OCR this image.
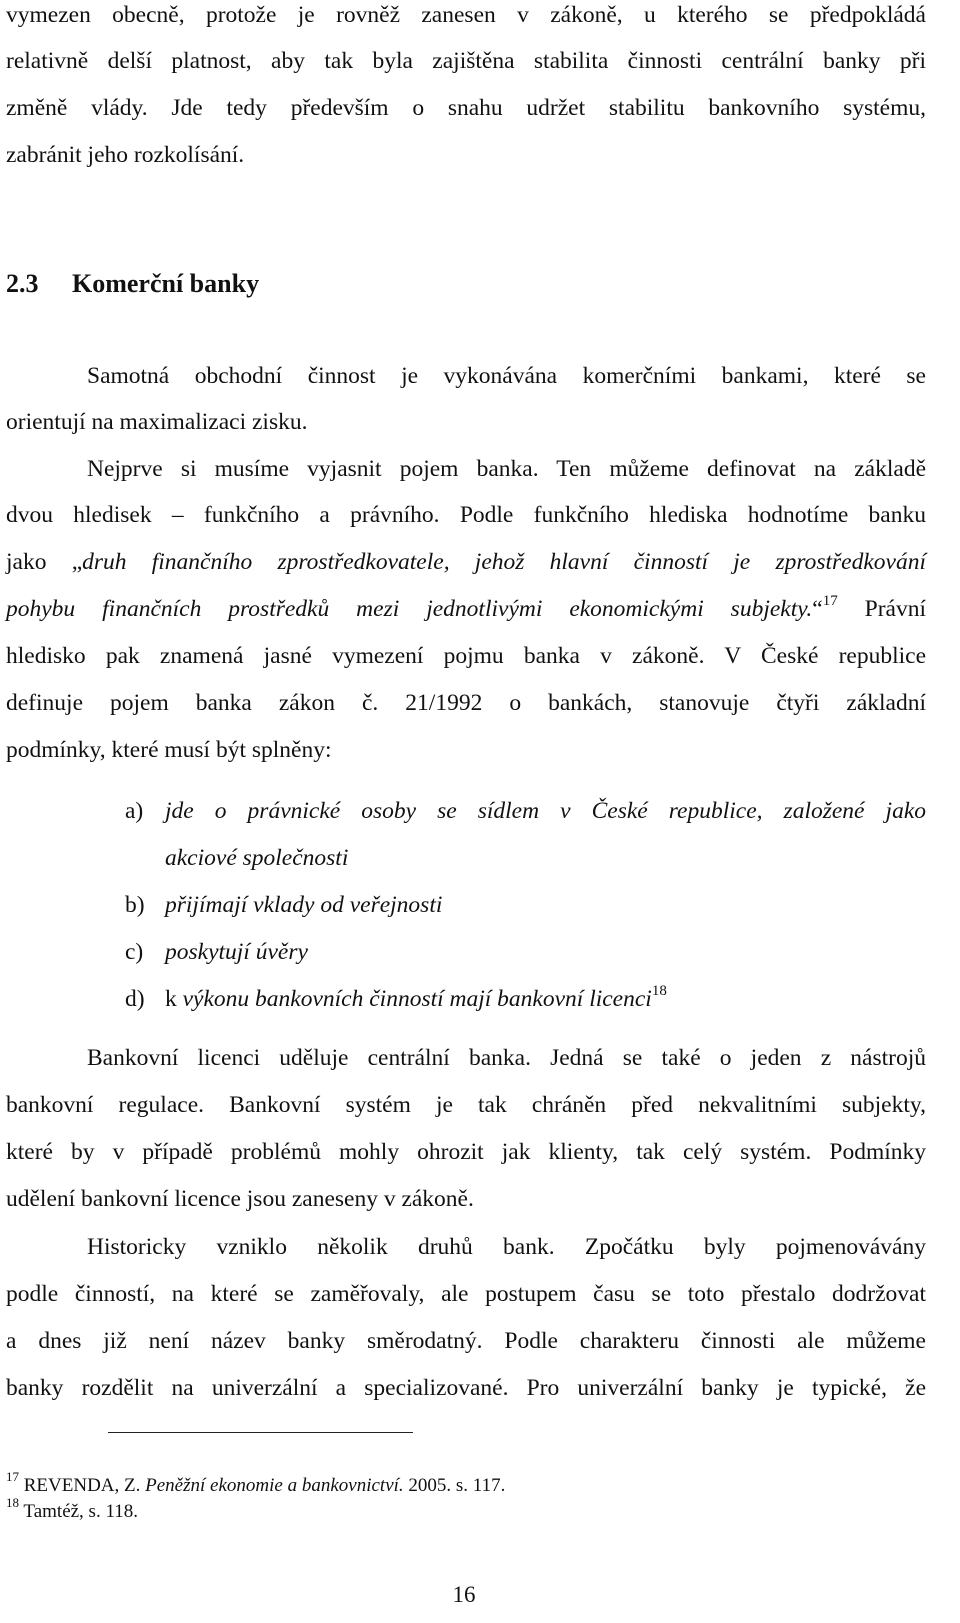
vymezen obecně, protože je rovněž zanesen v zákoně, u kterého se předpokládá
relativně delší platnost, aby tak byla zajištěna stabilita činnosti centrální banky při
změně vlády. Jde tedy především o snahu udržet stabilitu bankovního systému,
zabránit jeho rozkolísání.
2.3 Komerční banky
Samotná obchodní činnost je vykonávána komerčními bankami, které se
orientují na maximalizaci zisku.
Nejprve si musíme vyjasnit pojem banka. Ten můžeme definovat na základě
dvou hledisek – funkčního a právního. Podle funkčního hlediska hodnotíme banku
jako „druh finančního zprostředkovatele, jehož hlavní činností je zprostředkování
pohybu finančních prostředků mezi jednotlivými ekonomickými subjekty.“$^{17}$ Právní
hledisko pak znamená jasné vymezení pojmu banka v zákoně. V České republice
definuje pojem banka zákon č. 21/1992 o bankách, stanovuje čtyři základní
podmínky, které musí být splněny:
a) jde o právnické osoby se sídlem v České republice, založené jako
akciové společnosti
b) přijímají vklady od veřejnosti
c) poskytují úvěry
d) k výkonu bankovních činností mají bankovní licenci$^{18}$
Bankovní licenci uděluje centrální banka. Jedná se také o jeden z nástrojů
bankovní regulace. Bankovní systém je tak chráněn před nekvalitními subjekty,
které by v případě problémů mohly ohrozit jak klienty, tak celý systém. Podmínky
udělení bankovní licence jsou zaneseny v zákoně.
Historicky vzniklo několik druhů bank. Zpočátku byly pojmenovávány
podle činností, na které se zaměřovaly, ale postupem času se toto přestalo dodržovat
a dnes již není název banky směrodatný. Podle charakteru činnosti ale můžeme
banky rozdělit na univerzální a specializované. Pro univerzální banky je typické, že
$^{17}$ REVENDA, Z. Peněžní ekonomie a bankovnictví. 2005. s. 117.
$^{18}$ Tamtéž, s. 118.
16
